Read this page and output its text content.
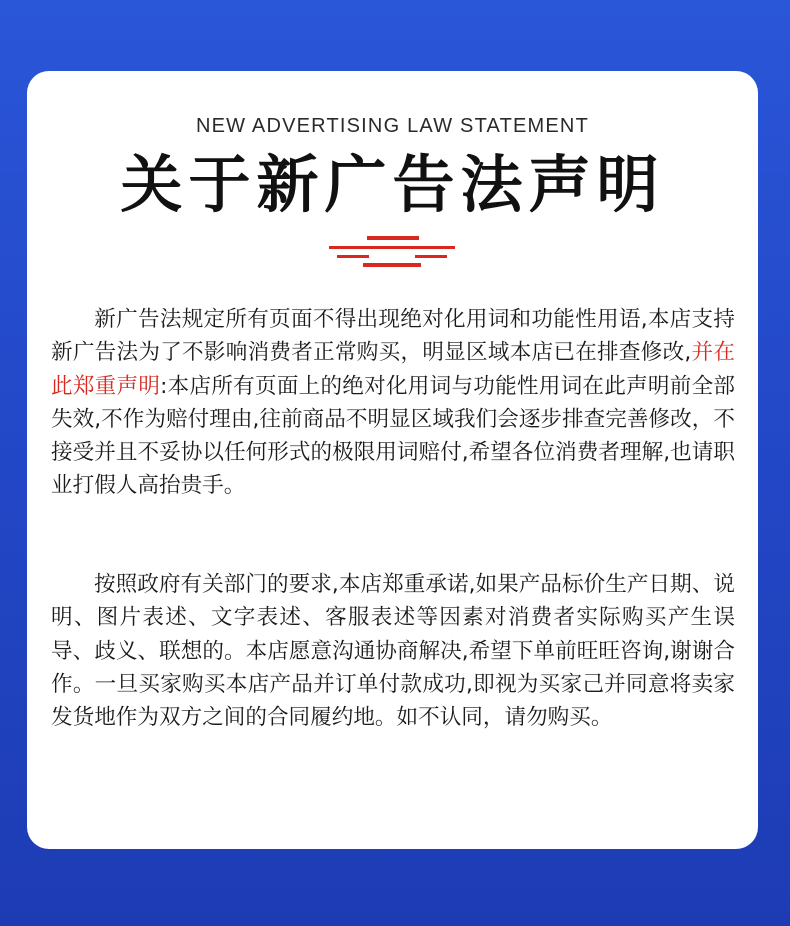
NEW ADVERTISING LAW STATEMENT
关于新广告法声明

新广告法规定所有页面不得出现绝对化用词和功能性用语,本店支持新广告法为了不影响消费者正常购买，明显区域本店已在排查修改,并在此郑重声明:本店所有页面上的绝对化用词与功能性用词在此声明前全部失效,不作为赔付理由,往前商品不明显区域我们会逐步排查完善修改，不接受并且不妥协以任何形式的极限用词赔付,希望各位消费者理解,也请职业打假人高抬贵手。

按照政府有关部门的要求,本店郑重承诺,如果产品标价生产日期、说明、图片表述、文字表述、客服表述等因素对消费者实际购买产生误导、歧义、联想的。本店愿意沟通协商解决,希望下单前旺旺咨询,谢谢合作。一旦买家购买本店产品并订单付款成功,即视为买家己并同意将卖家发货地作为双方之间的合同履约地。如不认同，请勿购买。
